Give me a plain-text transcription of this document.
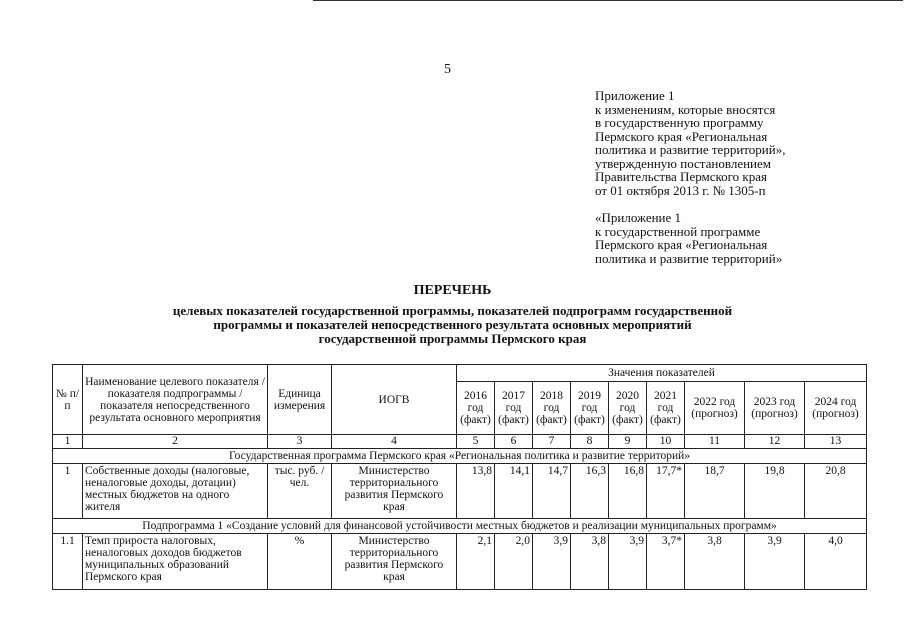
5
Приложение 1
к изменениям, которые вносятся
в государственную программу
Пермского края «Региональная
политика и развитие территорий»,
утвержденную постановлением
Правительства Пермского края
от 01 октября 2013 г. № 1305-п
«Приложение 1
к государственной программе
Пермского края «Региональная
политика и развитие территорий»
ПЕРЕЧЕНЬ
целевых показателей государственной программы, показателей подпрограмм государственной
программы и показателей непосредственного результата основных мероприятий
государственной программы Пермского края
№ п/п	Наименование целевого показателя / показателя подпрограммы / показателя непосредственного результата основного мероприятия	Единица измерения	ИОГВ	Значения показателей								
				2016 год (факт)	2017 год (факт)	2018 год (факт)	2019 год (факт)	2020 год (факт)	2021 год (факт)	2022 год (прогноз)	2023 год (прогноз)	2024 год (прогноз)
1	2	3	4	5	6	7	8	9	10	11	12	13
Государственная программа Пермского края «Региональная политика и развитие территорий»												
1	Собственные доходы (налоговые, неналоговые доходы, дотации) местных бюджетов на одного жителя	тыс. руб. / чел.	Министерство территориального развития Пермского края	13,8	14,1	14,7	16,3	16,8	17,7*	18,7	19,8	20,8
Подпрограмма 1 «Создание условий для финансовой устойчивости местных бюджетов и реализации муниципальных программ»												
1.1	Темп прироста налоговых, неналоговых доходов бюджетов муниципальных образований Пермского края	%	Министерство территориального развития Пермского края	2,1	2,0	3,9	3,8	3,9	3,7*	3,8	3,9	4,0
